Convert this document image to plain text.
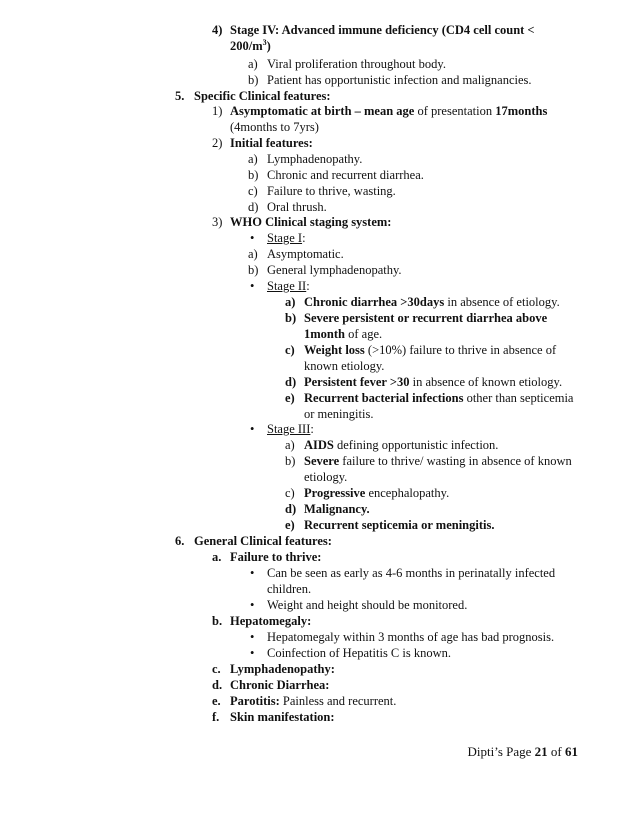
4) Stage IV: Advanced immune deficiency (CD4 cell count <
$200/m^3$)
a) Viral proliferation throughout body.
b) Patient has opportunistic infection and malignancies.
5. Specific Clinical features:
1) Asymptomatic at birth – mean age of presentation 17months
(4months to 7yrs)
2) Initial features:
a) Lymphadenopathy.
b) Chronic and recurrent diarrhea.
c) Failure to thrive, wasting.
d) Oral thrush.
3) WHO Clinical staging system:
• Stage I:
a) Asymptomatic.
b) General lymphadenopathy.
• Stage II:
a) Chronic diarrhea >30days in absence of etiology.
b) Severe persistent or recurrent diarrhea above
1month of age.
c) Weight loss (>10%) failure to thrive in absence of
known etiology.
d) Persistent fever >30 in absence of known etiology.
e) Recurrent bacterial infections other than septicemia
or meningitis.
• Stage III:
a) AIDS defining opportunistic infection.
b) Severe failure to thrive/ wasting in absence of known
etiology.
c) Progressive encephalopathy.
d) Malignancy.
e) Recurrent septicemia or meningitis.
6. General Clinical features:
a. Failure to thrive:
• Can be seen as early as 4-6 months in perinatally infected
children.
• Weight and height should be monitored.
b. Hepatomegaly:
• Hepatomegaly within 3 months of age has bad prognosis.
• Coinfection of Hepatitis C is known.
c. Lymphadenopathy:
d. Chronic Diarrhea:
e. Parotitis: Painless and recurrent.
f. Skin manifestation:
Dipti’s Page 21 of 61
